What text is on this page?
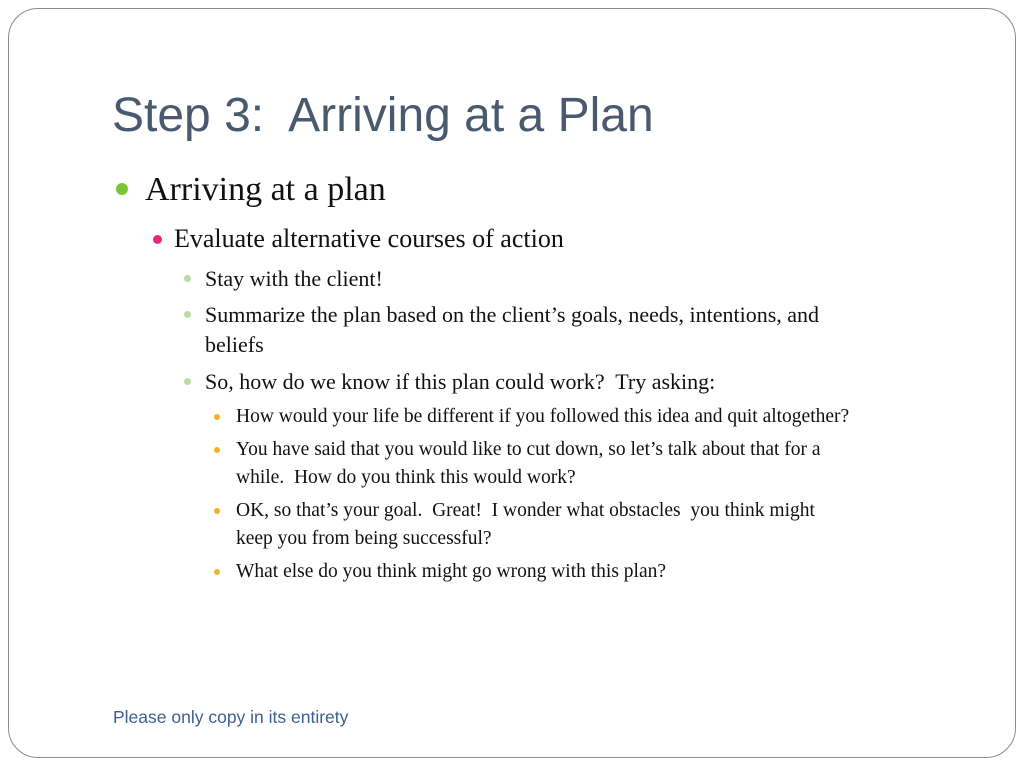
Step 3:  Arriving at a Plan
Arriving at a plan
Evaluate alternative courses of action
Stay with the client!
Summarize the plan based on the client’s goals, needs, intentions, and
beliefs
So, how do we know if this plan could work?  Try asking:
How would your life be different if you followed this idea and quit altogether?
You have said that you would like to cut down, so let’s talk about that for a
while.  How do you think this would work?
OK, so that’s your goal.  Great!  I wonder what obstacles  you think might
keep you from being successful?
What else do you think might go wrong with this plan?
Please only copy in its entirety
